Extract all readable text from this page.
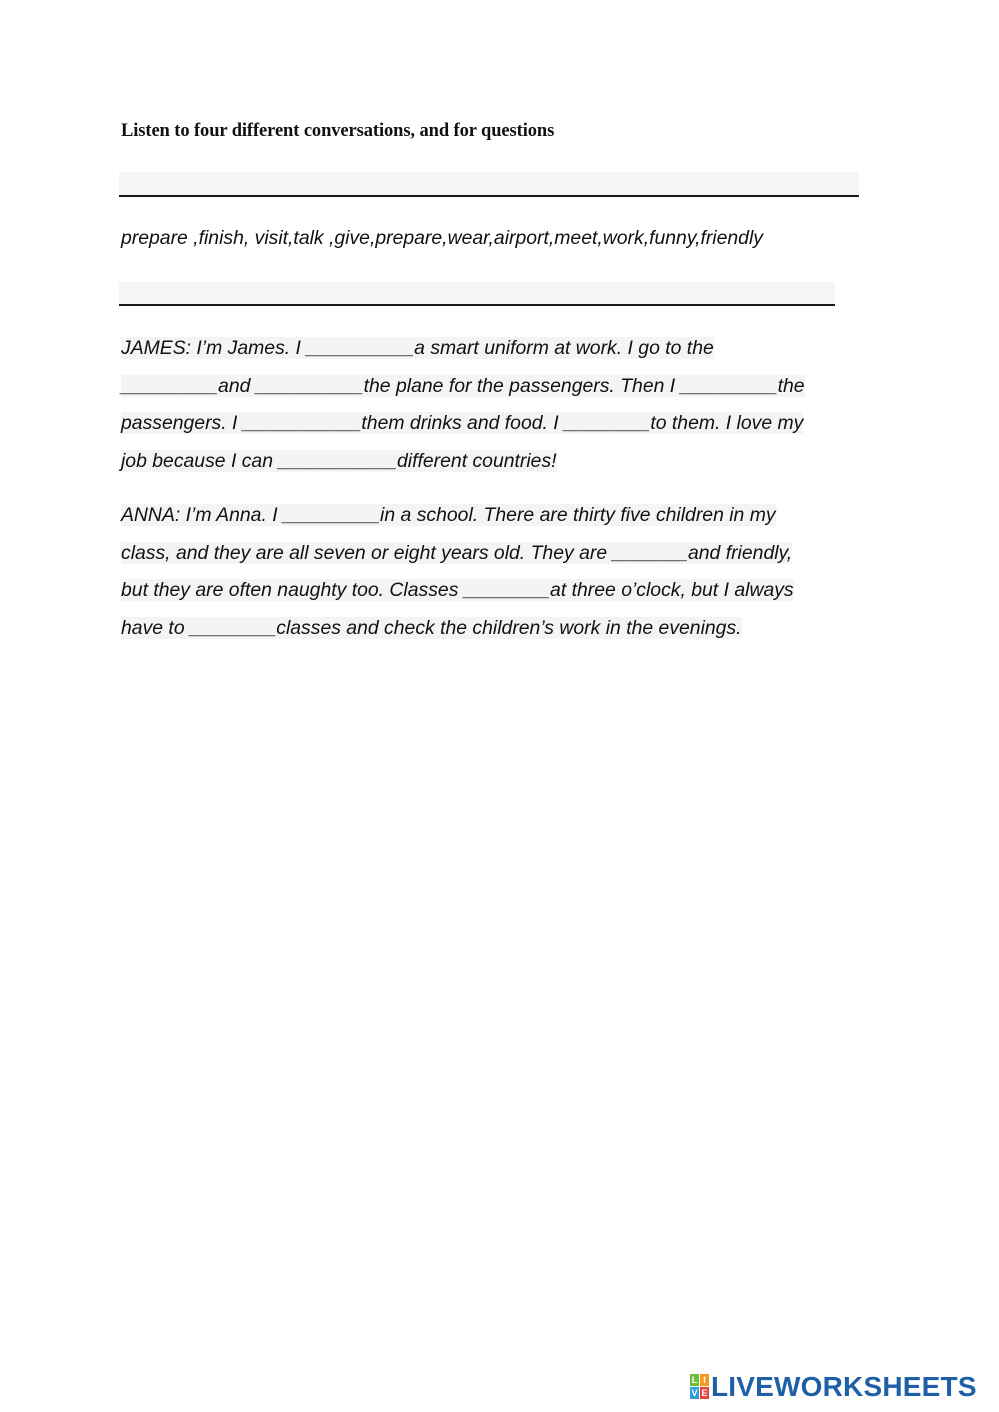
Listen to four different conversations, and for questions
prepare ,finish, visit,talk ,give,prepare,wear,airport,meet,work,funny,friendly
JAMES: I’m James. I __________a smart uniform at work. I go to the
_________and __________the plane for the passengers. Then I _________the
passengers. I ___________them drinks and food. I ________to them. I love my
job because I can ___________different countries!
ANNA: I’m Anna. I _________in a school. There are thirty five children in my
class, and they are all seven or eight years old. They are _______and friendly,
but they are often naughty too. Classes ________at three o’clock, but I always
have to ________classes and check the children’s work in the evenings.
L I
V E LIVEWORKSHEETS
